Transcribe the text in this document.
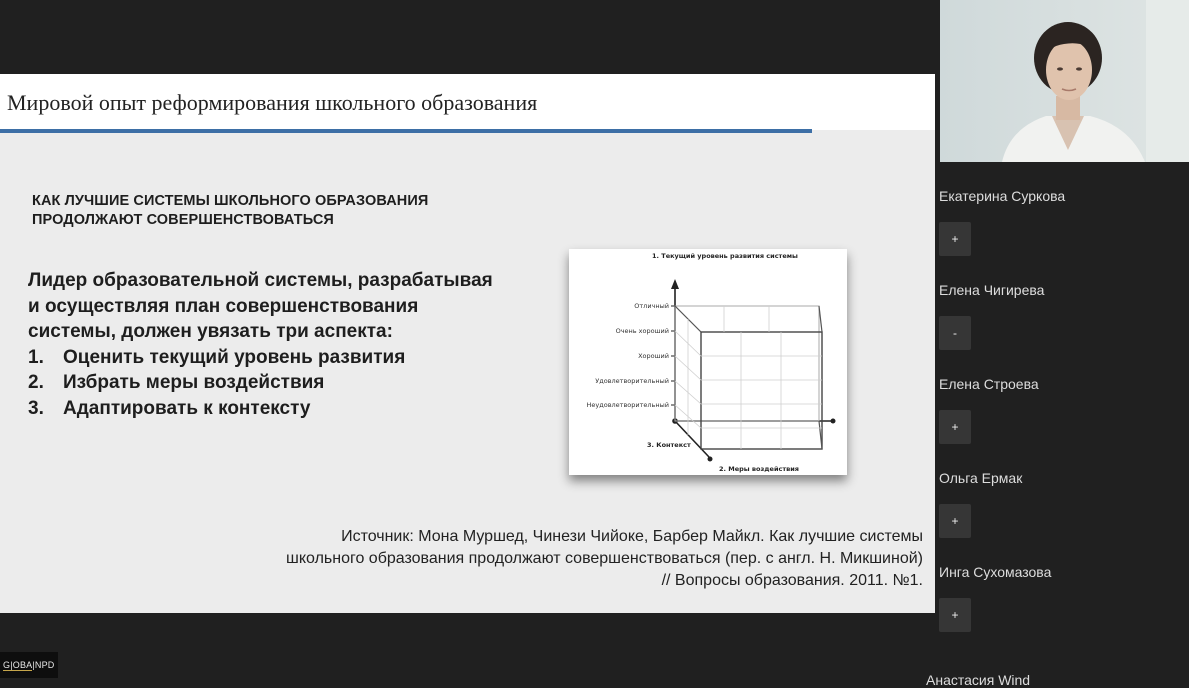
Мировой опыт реформирования школьного образования
КАК ЛУЧШИЕ СИСТЕМЫ ШКОЛЬНОГО ОБРАЗОВАНИЯ
ПРОДОЛЖАЮТ СОВЕРШЕНСТВОВАТЬСЯ
Лидер образовательной системы, разрабатывая
и осуществляя план совершенствования
системы, должен увязать три аспекта:
1.	Оценить текущий уровень развития
2.	Избрать меры воздействия
3.	Адаптировать к контексту
1. Текущий уровень развития системы
Отличный
Очень хороший
Хороший
Удовлетворительный
Неудовлетворительный
3. Контекст
2. Меры воздействия
Источник: Мона Муршед, Чинези Чийоке, Барбер Майкл. Как лучшие системы
школьного образования продолжают совершенствоваться (пер. с англ. Н. Микшиной)
// Вопросы образования. 2011. №1.
G|OBA|NPD
Екатерина Суркова
+
Елена Чигирева
-
Елена Строева
+
Ольга Ермак
+
Инга Сухомазова
+
Анастасия Wind
